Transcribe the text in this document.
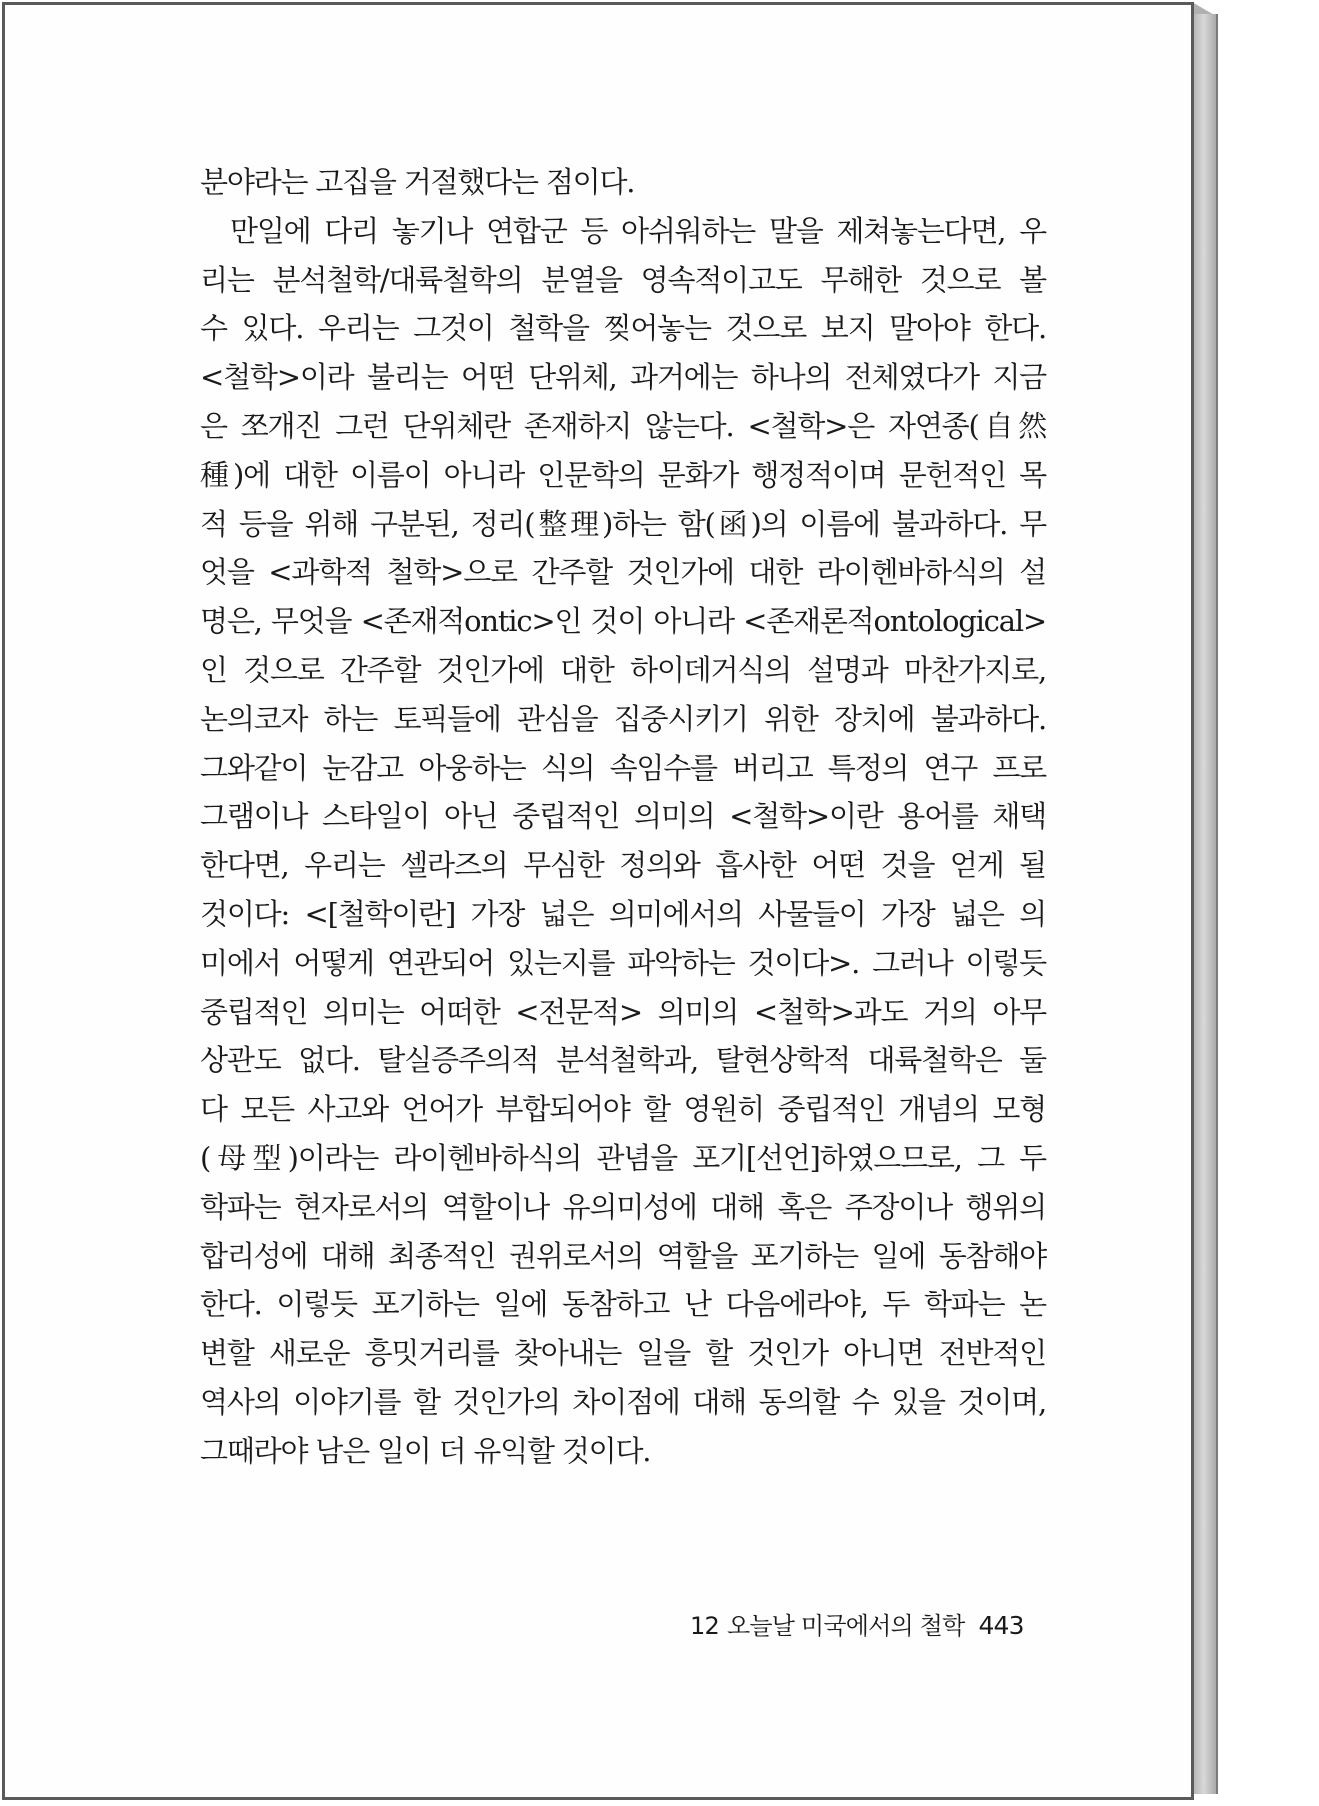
분야라는 고집을 거절했다는 점이다.
만일에 다리 놓기나 연합군 등 아쉬워하는 말을 제쳐놓는다면, 우
리는 분석철학/대륙철학의 분열을 영속적이고도 무해한 것으로 볼
수 있다. 우리는 그것이 철학을 찢어놓는 것으로 보지 말아야 한다.
<철학>이라 불리는 어떤 단위체, 과거에는 하나의 전체였다가 지금
은 쪼개진 그런 단위체란 존재하지 않는다. <철학>은 자연종(自然
種)에 대한 이름이 아니라 인문학의 문화가 행정적이며 문헌적인 목
적 등을 위해 구분된, 정리(整理)하는 함(函)의 이름에 불과하다. 무
엇을 <과학적 철학>으로 간주할 것인가에 대한 라이헨바하식의 설
명은, 무엇을 <존재적ontic>인 것이 아니라 <존재론적ontological>
인 것으로 간주할 것인가에 대한 하이데거식의 설명과 마찬가지로,
논의코자 하는 토픽들에 관심을 집중시키기 위한 장치에 불과하다.
그와같이 눈감고 아웅하는 식의 속임수를 버리고 특정의 연구 프로
그램이나 스타일이 아닌 중립적인 의미의 <철학>이란 용어를 채택
한다면, 우리는 셀라즈의 무심한 정의와 흡사한 어떤 것을 얻게 될
것이다: <[철학이란] 가장 넓은 의미에서의 사물들이 가장 넓은 의
미에서 어떻게 연관되어 있는지를 파악하는 것이다>. 그러나 이렇듯
중립적인 의미는 어떠한 <전문적> 의미의 <철학>과도 거의 아무
상관도 없다. 탈실증주의적 분석철학과, 탈현상학적 대륙철학은 둘
다 모든 사고와 언어가 부합되어야 할 영원히 중립적인 개념의 모형
(母型)이라는 라이헨바하식의 관념을 포기[선언]하였으므로, 그 두
학파는 현자로서의 역할이나 유의미성에 대해 혹은 주장이나 행위의
합리성에 대해 최종적인 권위로서의 역할을 포기하는 일에 동참해야
한다. 이렇듯 포기하는 일에 동참하고 난 다음에라야, 두 학파는 논
변할 새로운 흥밋거리를 찾아내는 일을 할 것인가 아니면 전반적인
역사의 이야기를 할 것인가의 차이점에 대해 동의할 수 있을 것이며,
그때라야 남은 일이 더 유익할 것이다.
12 오늘날 미국에서의 철학 443
